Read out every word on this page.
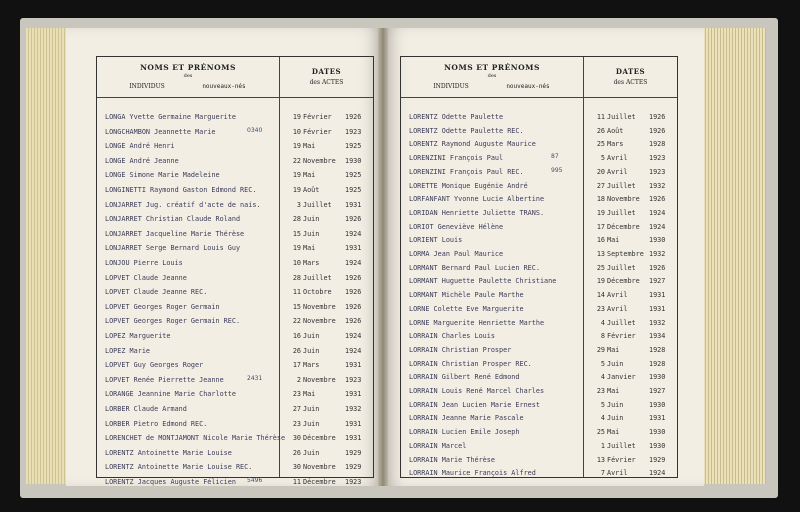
NOMS ET PRÉNOMS
des
INDIVIDUS	nouveaux-nés
DATES
des ACTES
LONGA Yvette Germaine Marguerite	19 Février 1926
LONGCHAMBON Jeannette Marie	0340	10 Février 1923
LONGE André Henri	19 Mai	1925
LONGE André Jeanne	22 Novembre 1930
LONGE Simone Marie Madeleine	19 Mai	1925
LONGINETTI Raymond Gaston Edmond REC.	19 Août	1925
LONJARRET Jug. créatif d'acte de nais.	3 Juillet 1931
LONJARRET Christian Claude Roland	28 Juin	1926
LONJARRET Jacqueline Marie Thérèse	15 Juin	1924
LONJARRET Serge Bernard Louis Guy	19 Mai	1931
LONJOU Pierre Louis	10 Mars	1924
LOPVET Claude Jeanne	28 Juillet 1926
LOPVET Claude Jeanne REC.	11 Octobre 1926
LOPVET Georges Roger Germain	15 Novembre 1926
LOPVET Georges Roger Germain REC.	22 Novembre 1926
LOPEZ Marguerite	16 Juin	1924
LOPEZ Marie	26 Juin	1924
LOPVET Guy Georges Roger	17 Mars	1931
LOPVET Renée Pierrette Jeanne	2431	2 Novembre 1923
LORANGE Jeannine Marie Charlotte	23 Mai	1931
LORBER Claude Armand	27 Juin	1932
LORBER Pietro Edmond REC.	23 Juin	1931
LORENCHET de MONTJAMONT Nicole Marie Thérèse	30 Décembre 1931
LORENTZ Antoinette Marie Louise	26 Juin	1929
LORENTZ Antoinette Marie Louise REC.	30 Novembre 1929
LORENTZ Jacques Auguste Félicien 5496	11 Décembre 1923
NOMS ET PRÉNOMS
des
INDIVIDUS	nouveaux-nés
DATES
des ACTES
LORENTZ Odette Paulette	11 Juillet 1926
LORENTZ Odette Paulette REC.	26 Août	1926
LORENTZ Raymond Auguste Maurice	25 Mars	1928
LORENZINI François Paul	87	5 Avril	1923
LORENZINI François Paul REC.	995	20 Avril	1923
LORETTE Monique Eugénie André	27 Juillet 1932
LORFANFANT Yvonne Lucie Albertine	18 Novembre 1926
LORIDAN Henriette Juliette TRANS.	19 Juillet 1924
LORIOT Geneviève Hélène	17 Décembre 1924
LORIENT Louis	16 Mai	1930
LORMA Jean Paul Maurice	13 Septembre 1932
LORMANT Bernard Paul Lucien REC.	25 Juillet 1926
LORMANT Huguette Paulette Christiane	19 Décembre 1927
LORMANT Michèle Paule Marthe	14 Avril	1931
LORNE Colette Eve Marguerite	23 Avril	1931
LORNE Marguerite Henriette Marthe	4 Juillet 1932
LORRAIN Charles Louis	8 Février 1934
LORRAIN Christian Prosper	29 Mai	1928
LORRAIN Christian Prosper REC.	5 Juin	1928
LORRAIN Gilbert René Edmond	4 Janvier 1930
LORRAIN Louis René Marcel Charles	23 Mai	1927
LORRAIN Jean Lucien Marie Ernest	5 Juin	1930
LORRAIN Jeanne Marie Pascale	4 Juin	1931
LORRAIN Lucien Emile Joseph	25 Mai	1930
LORRAIN Marcel	1 Juillet 1930
LORRAIN Marie Thérèse	13 Février 1929
LORRAIN Maurice François Alfred	7 Avril	1924
